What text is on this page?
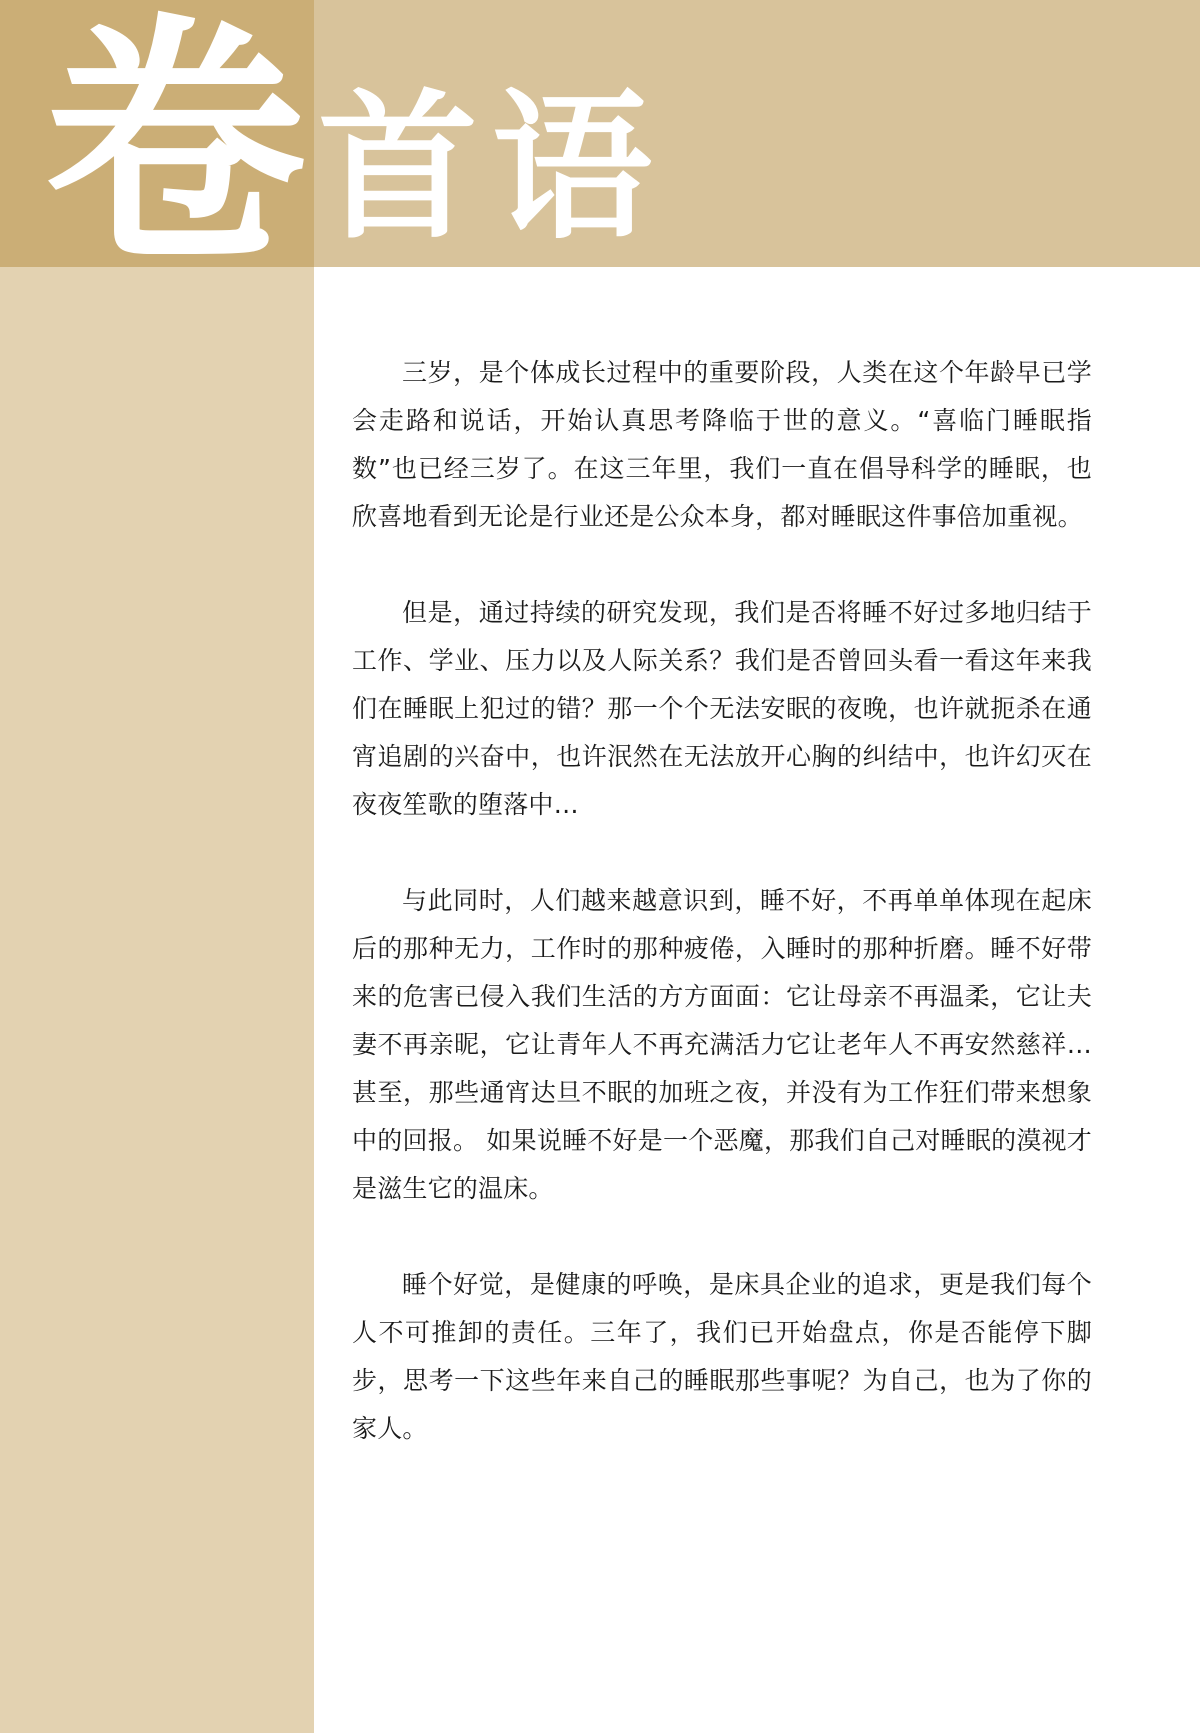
卷 首 语

三岁，是个体成长过程中的重要阶段，人类在这个年龄早已学会走路和说话，开始认真思考降临于世的意义。“喜临门睡眠指数”也已经三岁了。在这三年里，我们一直在倡导科学的睡眠，也欣喜地看到无论是行业还是公众本身，都对睡眠这件事倍加重视。

但是，通过持续的研究发现，我们是否将睡不好过多地归结于工作、学业、压力以及人际关系？我们是否曾回头看一看这年来我们在睡眠上犯过的错？那一个个无法安眠的夜晚，也许就扼杀在通宵追剧的兴奋中，也许泯然在无法放开心胸的纠结中，也许幻灭在夜夜笙歌的堕落中…

与此同时，人们越来越意识到，睡不好，不再单单体现在起床后的那种无力，工作时的那种疲倦，入睡时的那种折磨。睡不好带来的危害已侵入我们生活的方方面面：它让母亲不再温柔，它让夫妻不再亲昵，它让青年人不再充满活力它让老年人不再安然慈祥…甚至，那些通宵达旦不眠的加班之夜，并没有为工作狂们带来想象中的回报。 如果说睡不好是一个恶魔，那我们自己对睡眠的漠视才是滋生它的温床。

睡个好觉，是健康的呼唤，是床具企业的追求，更是我们每个人不可推卸的责任。三年了，我们已开始盘点，你是否能停下脚步，思考一下这些年来自己的睡眠那些事呢？为自己，也为了你的家人。
